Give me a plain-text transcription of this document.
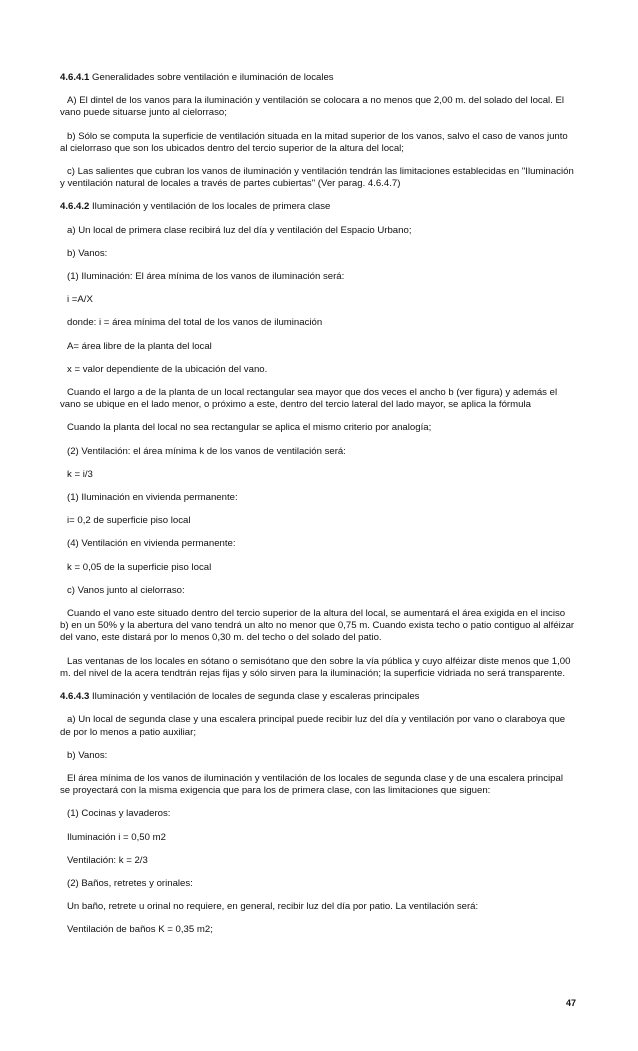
4.6.4.1 Generalidades sobre ventilación e iluminación de locales

A) El dintel de los vanos para la iluminación y ventilación se colocara a no menos que 2,00 m. del solado del local. El vano puede situarse junto al cielorraso;

b) Sólo se computa la superficie de ventilación situada en la mitad superior de los vanos, salvo el caso de vanos junto al cielorraso que son los ubicados dentro del tercio superior de la altura del local;

c) Las salientes que cubran los vanos de iluminación y ventilación tendrán las limitaciones establecidas en "Iluminación y ventilación natural de locales a través de partes cubiertas" (Ver parag. 4.6.4.7)

4.6.4.2 Iluminación y ventilación de los locales de primera clase

a) Un local de primera clase recibirá luz del día y ventilación del Espacio Urbano;

b) Vanos:

(1) Iluminación: El área mínima de los vanos de iluminación será:

i =A/X

donde: i = área mínima del total de los vanos de iluminación

A= área libre de la planta del local

x = valor dependiente de la ubicación del vano.

Cuando el largo a de la planta de un local rectangular sea mayor que dos veces el ancho b (ver figura) y además el vano se ubique en el lado menor, o próximo a este, dentro del tercio lateral del lado mayor, se aplica la fórmula

Cuando la planta del local no sea rectangular se aplica el mismo criterio por analogía;

(2) Ventilación: el área mínima k de los vanos de ventilación será:

k = i/3

(1) Iluminación en vivienda permanente:

i= 0,2 de superficie piso local

(4) Ventilación en vivienda permanente:

k = 0,05 de la superficie piso local

c) Vanos junto al cielorraso:

Cuando el vano este situado dentro del tercio superior de la altura del local, se aumentará el área exigida en el inciso b) en un 50% y la abertura del vano tendrá un alto no menor que 0,75 m. Cuando exista techo o patio contiguo al alféizar del vano, este distará por lo menos 0,30 m. del techo o del solado del patio.

Las ventanas de los locales en sótano o semisótano que den sobre la vía pública y cuyo alféizar diste menos que 1,00 m. del nivel de la acera tendtrán rejas fijas y sólo sirven para la iluminación; la superficie vidriada no será transparente.

4.6.4.3 Iluminación y ventilación de locales de segunda clase y escaleras principales

a) Un local de segunda clase y una escalera principal puede recibir luz del día y ventilación por vano o claraboya que de por lo menos a patio auxiliar;

b) Vanos:

El área mínima de los vanos de iluminación y ventilación de los locales de segunda clase y de una escalera principal se proyectará con la misma exigencia que para los de primera clase, con las limitaciones que siguen:

(1) Cocinas y lavaderos:

Iluminación i = 0,50 m2

Ventilación: k = 2/3

(2) Baños, retretes y orinales:

Un baño, retrete u orinal no requiere, en general, recibir luz del día por patio. La ventilación será:

Ventilación de baños K = 0,35 m2;

47
